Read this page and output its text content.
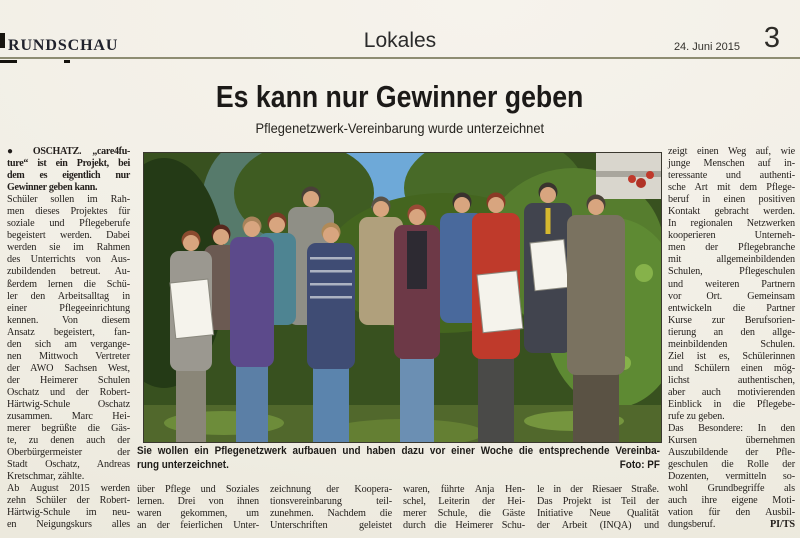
RUNDSCHAU	Lokales	24. Juni 2015 3
Es kann nur Gewinner geben
Pflegenetzwerk-Vereinbarung wurde unterzeichnet
● OSCHATZ. „care4fu-
ture“ ist ein Projekt, bei
dem es eigentlich nur
Gewinner geben kann.
Schüler sollen im Rah-
men dieses Projektes für
soziale und Pflegeberufe
begeistert werden. Dabei
werden sie im Rahmen
des Unterrichts von Aus-
zubildenden betreut. Au-
ßerdem lernen die Schü-
ler den Arbeitsalltag in
einer Pflegeeinrichtung
kennen. Von diesem
Ansatz begeistert, fan-
den sich am vergange-
nen Mittwoch Vertreter
der AWO Sachsen West,
der Heimerer Schulen
Oschatz und der Robert-
Härtwig-Schule Oschatz
zusammen. Marc Hei-
merer begrüßte die Gäs-
te, zu denen auch der
Oberbürgermeister der
Stadt Oschatz, Andreas
Kretschmar, zählte.
Ab August 2015 werden
zehn Schüler der Robert-
Härtwig-Schule im neu-
en Neigungskurs alles
über Pflege und Soziales
lernen. Drei von ihnen
waren gekommen, um
an der feierlichen Unter-
zeichnung der Koopera-
tionsvereinbarung teil-
zunehmen. Nachdem die
Unterschriften geleistet
waren, führte Anja Hen-
schel, Leiterin der Hei-
merer Schule, die Gäste
durch die Heimerer Schu-
le in der Riesaer Straße.
Das Projekt ist Teil der
Initiative Neue Qualität
der Arbeit (INQA) und
zeigt einen Weg auf, wie
junge Menschen auf in-
teressante und authenti-
sche Art mit dem Pflege-
beruf in einen positiven
Kontakt gebracht werden.
In regionalen Netzwerken
kooperieren Unterneh-
men der Pflegebranche
mit allgemeinbildenden
Schulen, Pflegeschulen
und weiteren Partnern
vor Ort. Gemeinsam
entwickeln die Partner
Kurse zur Berufsorien-
tierung an den allge-
meinbildenden Schulen.
Ziel ist es, Schülerinnen
und Schülern einen mög-
lichst authentischen,
aber auch motivierenden
Einblick in die Pflegebe-
rufe zu geben.
Das Besondere: In den
Kursen übernehmen
Auszubildende der Pfle-
geschulen die Rolle der
Dozenten, vermitteln so-
wohl Grundbegriffe als
auch ihre eigene Moti-
vation für den Ausbil-
dungsberuf.	PI/TS
Sie wollen ein Pflegenetzwerk aufbauen und haben dazu vor einer Woche die entsprechende Vereinba-
rung unterzeichnet.	Foto: PF
